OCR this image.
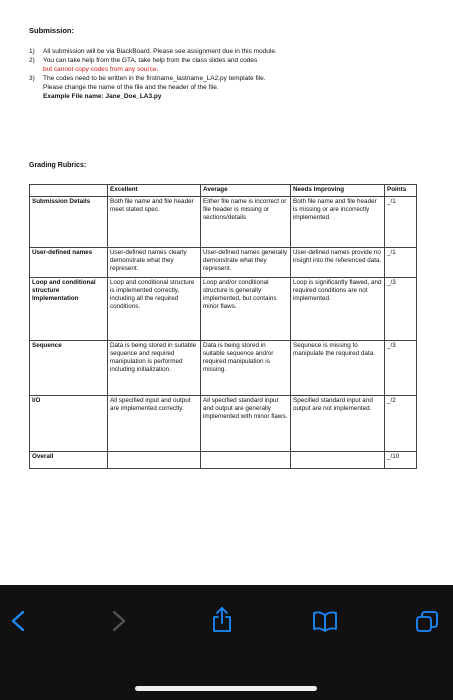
Submission:
1) All submission will be via BlackBoard. Please see assignment due in this module.
2) You can take help from the GTA, take help from the class slides and codes
but cannot copy codes from any source.
3) The codes need to be written in the firstname_lastname_LA2.py template file.
Please change the name of the file and the header of the file.
Example File name: Jane_Doe_LA3.py
Grading Rubrics:
	Excellent	Average	Needs Improving	Points
Submission Details	Both file name and file header meet stated spec.	Either file name is incorrect or file header is missing or sections/details	Both file name and file header is missing or are incorrectly implemented.	_/1
User-defined names	User-defined names clearly demonstrate what they represent.	User-defined names generally demonstrate what they represent.	User-defined names provide no insight into the referenced data.	_/1
Loop and conditional structure Implementation	Loop and conditional structure is implemented correctly, including all the required conditions.	Loop and/or conditional structure is generally implemented, but contains minor flaws.	Loop is significantly flawed, and required conditions are not implemented.	_/3
Sequence	Data is being stored in suitable sequence and required manipulation is performed including initialization.	Data is being stored in suitable sequence and/or required manipulation is missing.	Sequnece is missing to manipulate the required data.	_/3
I/O	All specified input and output are implemented correctly.	All specified standard input and output are generally implemented with minor flaws.	Specified standard input and output are not implemented.	_/2
Overall				_/10
